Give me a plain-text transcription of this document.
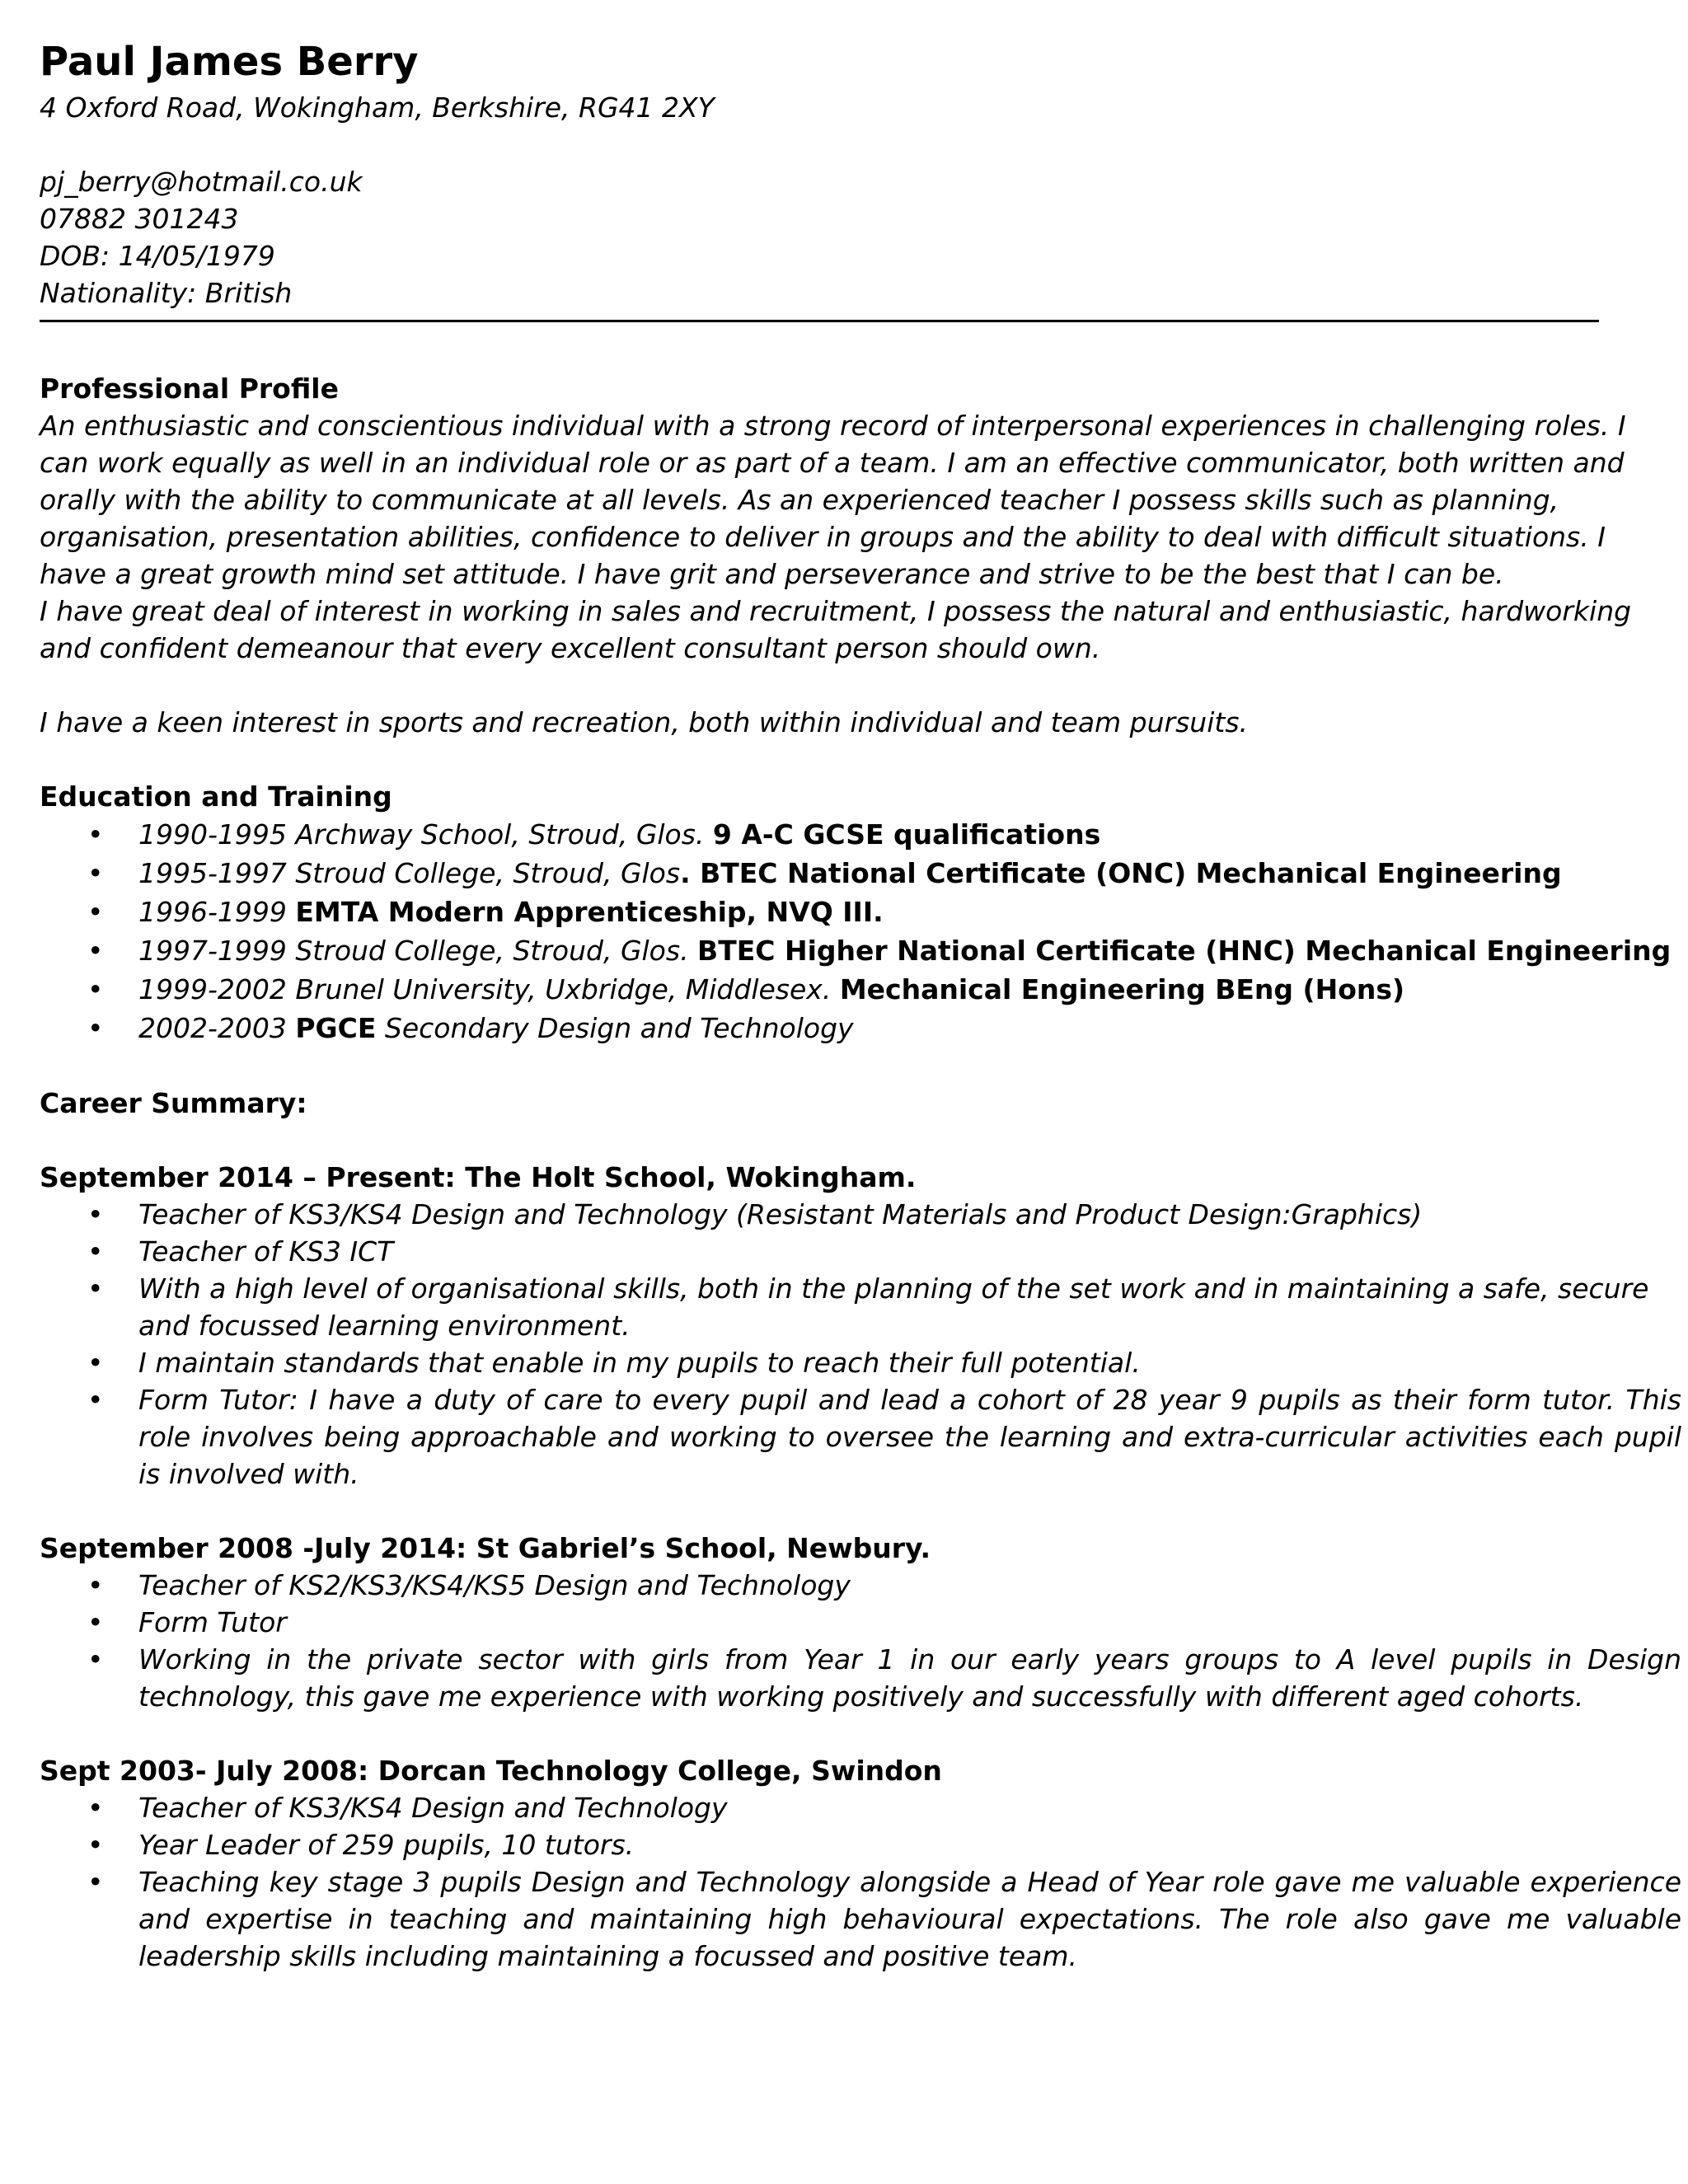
Paul James Berry
4 Oxford Road, Wokingham, Berkshire, RG41 2XY
pj_berry@hotmail.co.uk
07882 301243
DOB: 14/05/1979
Nationality: British
Professional Profile
An enthusiastic and conscientious individual with a strong record of interpersonal experiences in challenging roles. I can work equally as well in an individual role or as part of a team. I am an effective communicator, both written and orally with the ability to communicate at all levels. As an experienced teacher I possess skills such as planning, organisation, presentation abilities, confidence to deliver in groups and the ability to deal with difficult situations. I have a great growth mind set attitude. I have grit and perseverance and strive to be the best that I can be.
I have great deal of interest in working in sales and recruitment, I possess the natural and enthusiastic, hardworking and confident demeanour that every excellent consultant person should own.
I have a keen interest in sports and recreation, both within individual and team pursuits.
Education and Training
• 1990-1995 Archway School, Stroud, Glos. 9 A-C GCSE qualifications
• 1995-1997 Stroud College, Stroud, Glos. BTEC National Certificate (ONC) Mechanical Engineering
• 1996-1999 EMTA Modern Apprenticeship, NVQ III.
• 1997-1999 Stroud College, Stroud, Glos. BTEC Higher National Certificate (HNC) Mechanical Engineering
• 1999-2002 Brunel University, Uxbridge, Middlesex. Mechanical Engineering BEng (Hons)
• 2002-2003 PGCE Secondary Design and Technology
Career Summary:
September 2014 – Present: The Holt School, Wokingham.
• Teacher of KS3/KS4 Design and Technology (Resistant Materials and Product Design:Graphics)
• Teacher of KS3 ICT
• With a high level of organisational skills, both in the planning of the set work and in maintaining a safe, secure and focussed learning environment.
• I maintain standards that enable in my pupils to reach their full potential.
• Form Tutor: I have a duty of care to every pupil and lead a cohort of 28 year 9 pupils as their form tutor. This role involves being approachable and working to oversee the learning and extra-curricular activities each pupil is involved with.
September 2008 -July 2014: St Gabriel’s School, Newbury.
• Teacher of KS2/KS3/KS4/KS5 Design and Technology
• Form Tutor
• Working in the private sector with girls from Year 1 in our early years groups to A level pupils in Design technology, this gave me experience with working positively and successfully with different aged cohorts.
Sept 2003- July 2008: Dorcan Technology College, Swindon
• Teacher of KS3/KS4 Design and Technology
• Year Leader of 259 pupils, 10 tutors.
• Teaching key stage 3 pupils Design and Technology alongside a Head of Year role gave me valuable experience and expertise in teaching and maintaining high behavioural expectations. The role also gave me valuable leadership skills including maintaining a focussed and positive team.
